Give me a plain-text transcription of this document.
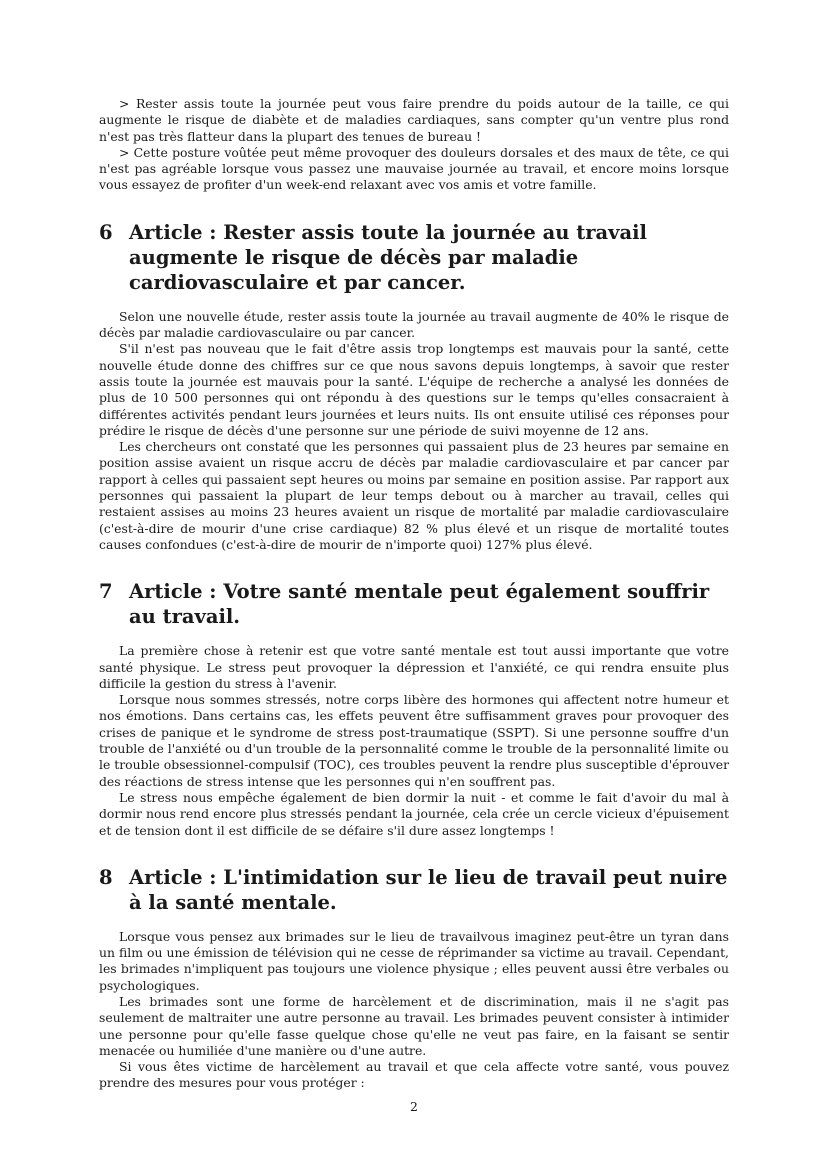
> Rester assis toute la journée peut vous faire prendre du poids autour de la taille, ce qui augmente le risque de diabète et de maladies cardiaques, sans compter qu'un ventre plus rond n'est pas très flatteur dans la plupart des tenues de bureau !

> Cette posture voûtée peut même provoquer des douleurs dorsales et des maux de tête, ce qui n'est pas agréable lorsque vous passez une mauvaise journée au travail, et encore moins lorsque vous essayez de profiter d'un week-end relaxant avec vos amis et votre famille.

6 Article : Rester assis toute la journée au travail augmente le risque de décès par maladie cardiovasculaire et par cancer.

Selon une nouvelle étude, rester assis toute la journée au travail augmente de 40% le risque de décès par maladie cardiovasculaire ou par cancer.

S'il n'est pas nouveau que le fait d'être assis trop longtemps est mauvais pour la santé, cette nouvelle étude donne des chiffres sur ce que nous savons depuis longtemps, à savoir que rester assis toute la journée est mauvais pour la santé. L'équipe de recherche a analysé les données de plus de 10 500 personnes qui ont répondu à des questions sur le temps qu'elles consacraient à différentes activités pendant leurs journées et leurs nuits. Ils ont ensuite utilisé ces réponses pour prédire le risque de décès d'une personne sur une période de suivi moyenne de 12 ans.

Les chercheurs ont constaté que les personnes qui passaient plus de 23 heures par semaine en position assise avaient un risque accru de décès par maladie cardiovasculaire et par cancer par rapport à celles qui passaient sept heures ou moins par semaine en position assise. Par rapport aux personnes qui passaient la plupart de leur temps debout ou à marcher au travail, celles qui restaient assises au moins 23 heures avaient un risque de mortalité par maladie cardiovasculaire (c'est-à-dire de mourir d'une crise cardiaque) 82 % plus élevé et un risque de mortalité toutes causes confondues (c'est-à-dire de mourir de n'importe quoi) 127% plus élevé.

7 Article : Votre santé mentale peut également souffrir au travail.

La première chose à retenir est que votre santé mentale est tout aussi importante que votre santé physique. Le stress peut provoquer la dépression et l'anxiété, ce qui rendra ensuite plus difficile la gestion du stress à l'avenir.

Lorsque nous sommes stressés, notre corps libère des hormones qui affectent notre humeur et nos émotions. Dans certains cas, les effets peuvent être suffisamment graves pour provoquer des crises de panique et le syndrome de stress post-traumatique (SSPT). Si une personne souffre d'un trouble de l'anxiété ou d'un trouble de la personnalité comme le trouble de la personnalité limite ou le trouble obsessionnel-compulsif (TOC), ces troubles peuvent la rendre plus susceptible d'éprouver des réactions de stress intense que les personnes qui n'en souffrent pas.

Le stress nous empêche également de bien dormir la nuit - et comme le fait d'avoir du mal à dormir nous rend encore plus stressés pendant la journée, cela crée un cercle vicieux d'épuisement et de tension dont il est difficile de se défaire s'il dure assez longtemps !

8 Article : L'intimidation sur le lieu de travail peut nuire à la santé mentale.

Lorsque vous pensez aux brimades sur le lieu de travailvous imaginez peut-être un tyran dans un film ou une émission de télévision qui ne cesse de réprimander sa victime au travail. Cependant, les brimades n'impliquent pas toujours une violence physique ; elles peuvent aussi être verbales ou psychologiques.

Les brimades sont une forme de harcèlement et de discrimination, mais il ne s'agit pas seulement de maltraiter une autre personne au travail. Les brimades peuvent consister à intimider une personne pour qu'elle fasse quelque chose qu'elle ne veut pas faire, en la faisant se sentir menacée ou humiliée d'une manière ou d'une autre.

Si vous êtes victime de harcèlement au travail et que cela affecte votre santé, vous pouvez prendre des mesures pour vous protéger :

2
